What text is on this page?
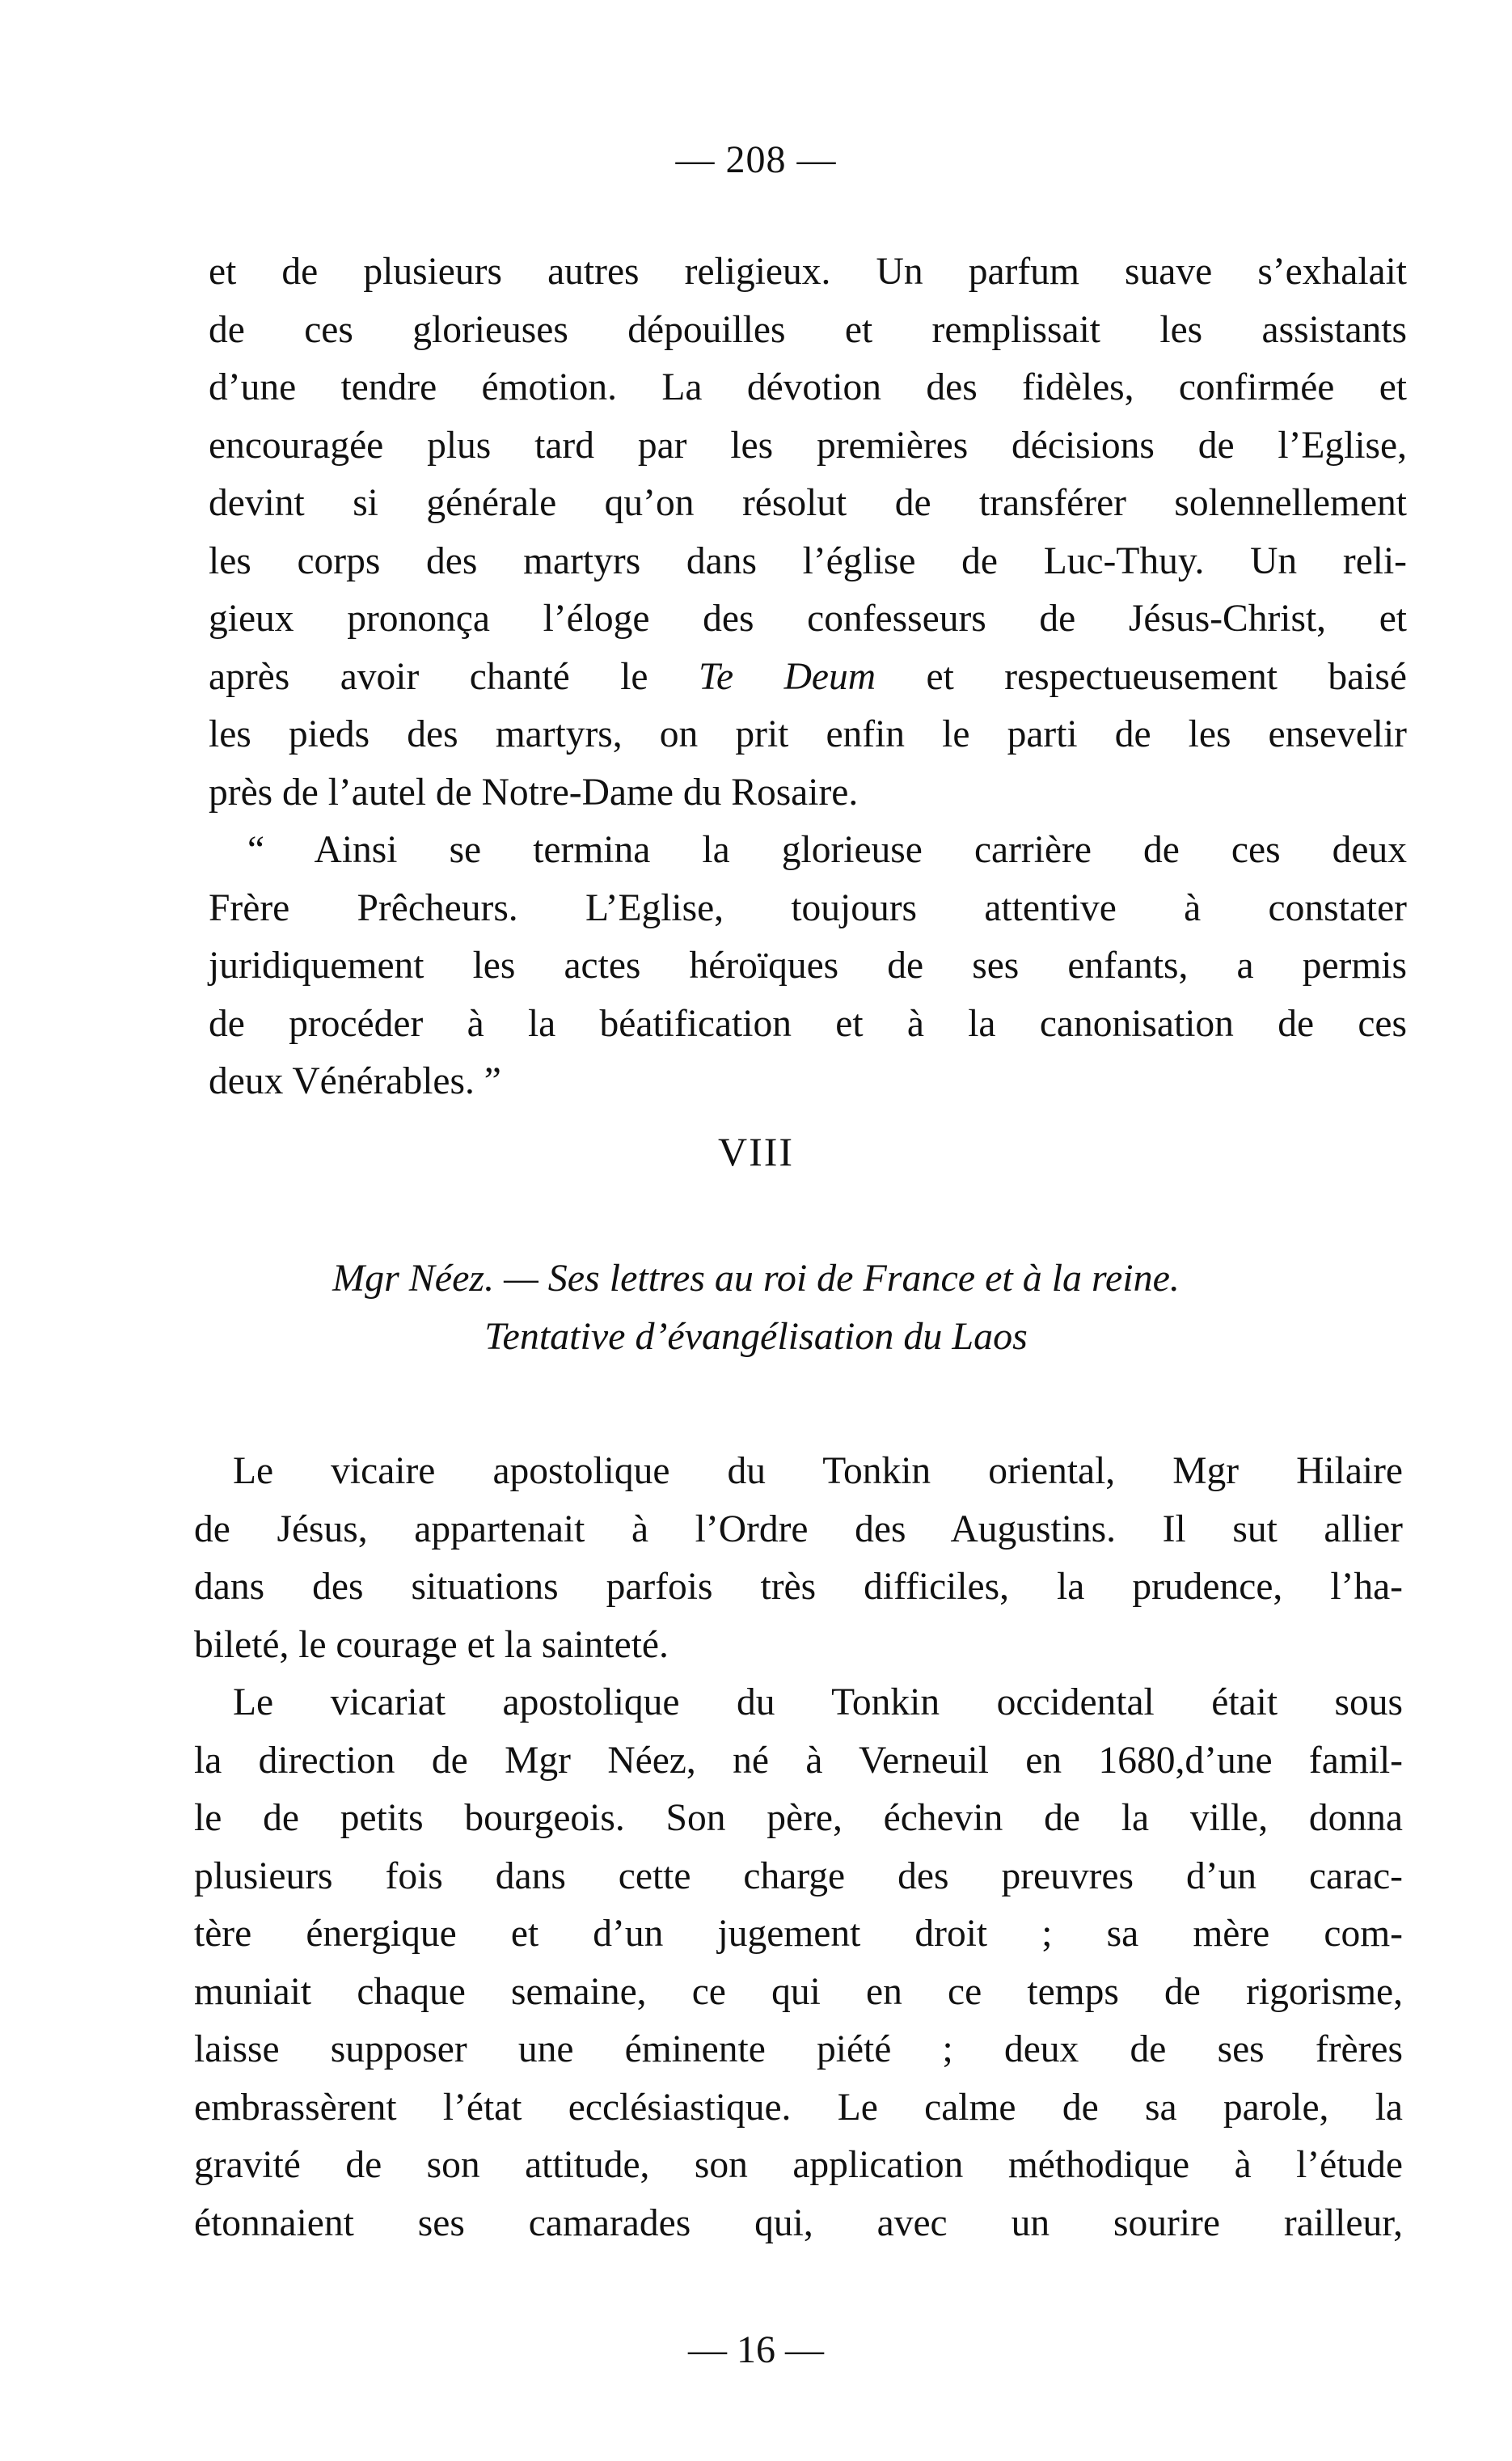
— 208 —
et de plusieurs autres religieux. Un parfum suave s’exhalait
de ces glorieuses dépouilles et remplissait les assistants
d’une tendre émotion. La dévotion des fidèles, confirmée et
encouragée plus tard par les premières décisions de l’Eglise,
devint si générale qu’on résolut de transférer solennellement
les corps des martyrs dans l’église de Luc-Thuy. Un reli-
gieux prononça l’éloge des confesseurs de Jésus-Christ, et
après avoir chanté le Te Deum et respectueusement baisé
les pieds des martyrs, on prit enfin le parti de les ensevelir
près de l’autel de Notre-Dame du Rosaire.
“ Ainsi se termina la glorieuse carrière de ces deux
Frère Prêcheurs. L’Eglise, toujours attentive à constater
juridiquement les actes héroïques de ses enfants, a permis
de procéder à la béatification et à la canonisation de ces
deux Vénérables. ”
VIII
Mgr Néez. — Ses lettres au roi de France et à la reine.
Tentative d’évangélisation du Laos
Le vicaire apostolique du Tonkin oriental, Mgr Hilaire
de Jésus, appartenait à l’Ordre des Augustins. Il sut allier
dans des situations parfois très difficiles, la prudence, l’ha-
bileté, le courage et la sainteté.
Le vicariat apostolique du Tonkin occidental était sous
la direction de Mgr Néez, né à Verneuil en 1680,d’une famil-
le de petits bourgeois. Son père, échevin de la ville, donna
plusieurs fois dans cette charge des preuvres d’un carac-
tère énergique et d’un jugement droit ; sa mère com-
muniait chaque semaine, ce qui en ce temps de rigorisme,
laisse supposer une éminente piété ; deux de ses frères
embrassèrent l’état ecclésiastique. Le calme de sa parole, la
gravité de son attitude, son application méthodique à l’étude
étonnaient ses camarades qui, avec un sourire railleur,
— 16 —
